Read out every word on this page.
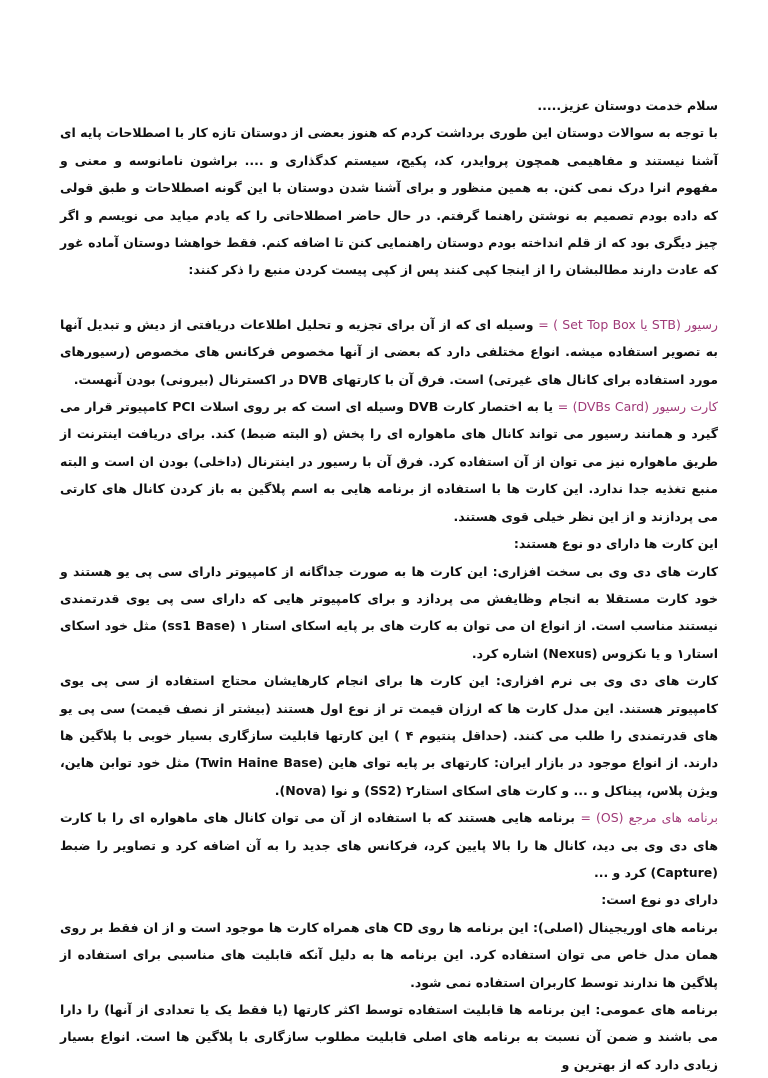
سلام خدمت دوستان عزیز.....

با توجه به سوالات دوستان این طوری برداشت کردم که هنوز بعضی از دوستان تازه کار با اصطلاحات پایه ای آشنا نیستند و مفاهیمی همچون پروایدر، کد، پکیج، سیستم کدگذاری و .... براشون نامانوسه و معنی و مفهوم انرا درک نمی کنن. به همین منظور و برای آشنا شدن دوستان با این گونه اصطلاحات و طبق قولی که داده بودم تصمیم به نوشتن راهنما گرفتم. در حال حاضر اصطلاحاتی را که یادم میاید می نویسم و اگر چیز دیگری بود که از قلم انداخته بودم دوستان راهنمایی کنن تا اضافه کنم. فقط خواهشا دوستان آماده غور که عادت دارند مطالبشان را از اینجا کپی کنند پس از کپی پیست کردن منبع را ذکر کنند:

رسیور (STB یا Set Top Box ) = وسیله ای که از آن برای تجزیه و تحلیل اطلاعات دریافتی از دیش و تبدیل آنها به تصویر استفاده میشه. انواع مختلفی دارد که بعضی از آنها مخصوص فرکانس های مخصوص (رسیورهای مورد استفاده برای کانال های غیرتی) است. فرق آن با کارتهای DVB در اکسترنال (بیرونی) بودن آنهست.

کارت رسیور (DVBs Card) = یا به اختصار کارت DVB وسیله ای است که بر روی اسلات PCI کامپیوتر قرار می گیرد و همانند رسیور می تواند کانال های ماهواره ای را پخش (و البته ضبط) کند. برای دریافت اینترنت از طریق ماهواره نیز می توان از آن استفاده کرد. فرق آن با رسیور در اینترنال (داخلی) بودن ان است و البته منبع تغذیه جدا ندارد. این کارت ها با استفاده از برنامه هایی به اسم پلاگین به باز کردن کانال های کارتی می پردازند و از این نظر خیلی قوی هستند.

این کارت ها دارای دو نوع هستند:

کارت های دی وی بی سخت افزاری: این کارت ها به صورت جداگانه از کامپیوتر دارای سی پی یو هستند و خود کارت مستقلا به انجام وظایفش می پردازد و برای کامپیوتر هایی که دارای سی پی یوی قدرتمندی نیستند مناسب است. از انواع ان می توان به کارت های بر پایه اسکای استار ۱ (ss1 Base) مثل خود اسکای استار۱ و یا نکزوس (Nexus) اشاره کرد.

کارت های دی وی بی نرم افزاری: این کارت ها برای انجام کارهایشان محتاج استفاده از سی پی یوی کامپیوتر هستند. این مدل کارت ها که ارزان قیمت تر از نوع اول هستند (بیشتر از نصف قیمت) سی پی یو های قدرتمندی را طلب می کنند. (حداقل پنتیوم ۴ ) این کارتها قابلیت سازگاری بسیار خوبی با پلاگین ها دارند. از انواع موجود در بازار ایران: کارتهای بر پایه توای هاین (Twin Haine Base) مثل خود توابن هاین، ویژن پلاس، پیناکل و ... و کارت های اسکای استار۲ (SS2) و نوا (Nova).

برنامه های مرجع (OS) = برنامه هایی هستند که با استفاده از آن می توان کانال های ماهواره ای را با کارت های دی وی بی دید، کانال ها را بالا پایین کرد، فرکانس های جدید را به آن اضافه کرد و تصاویر را ضبط (Capture) کرد و ...

دارای دو نوع است:

برنامه های اوریجینال (اصلی): این برنامه ها روی CD های همراه کارت ها موجود است و از ان فقط بر روی همان مدل خاص می توان استفاده کرد. این برنامه ها به دلیل آنکه قابلیت های مناسبی برای استفاده از پلاگین ها ندارند توسط کاربران استفاده نمی شود.

برنامه های عمومی: این برنامه ها قابلیت استفاده توسط اکثر کارتها (یا فقط یک یا تعدادی از آنها) را دارا می باشند و ضمن آن نسبت به برنامه های اصلی قابلیت مطلوب سازگاری با پلاگین ها است. انواع بسیار زیادی دارد که از بهترین و
